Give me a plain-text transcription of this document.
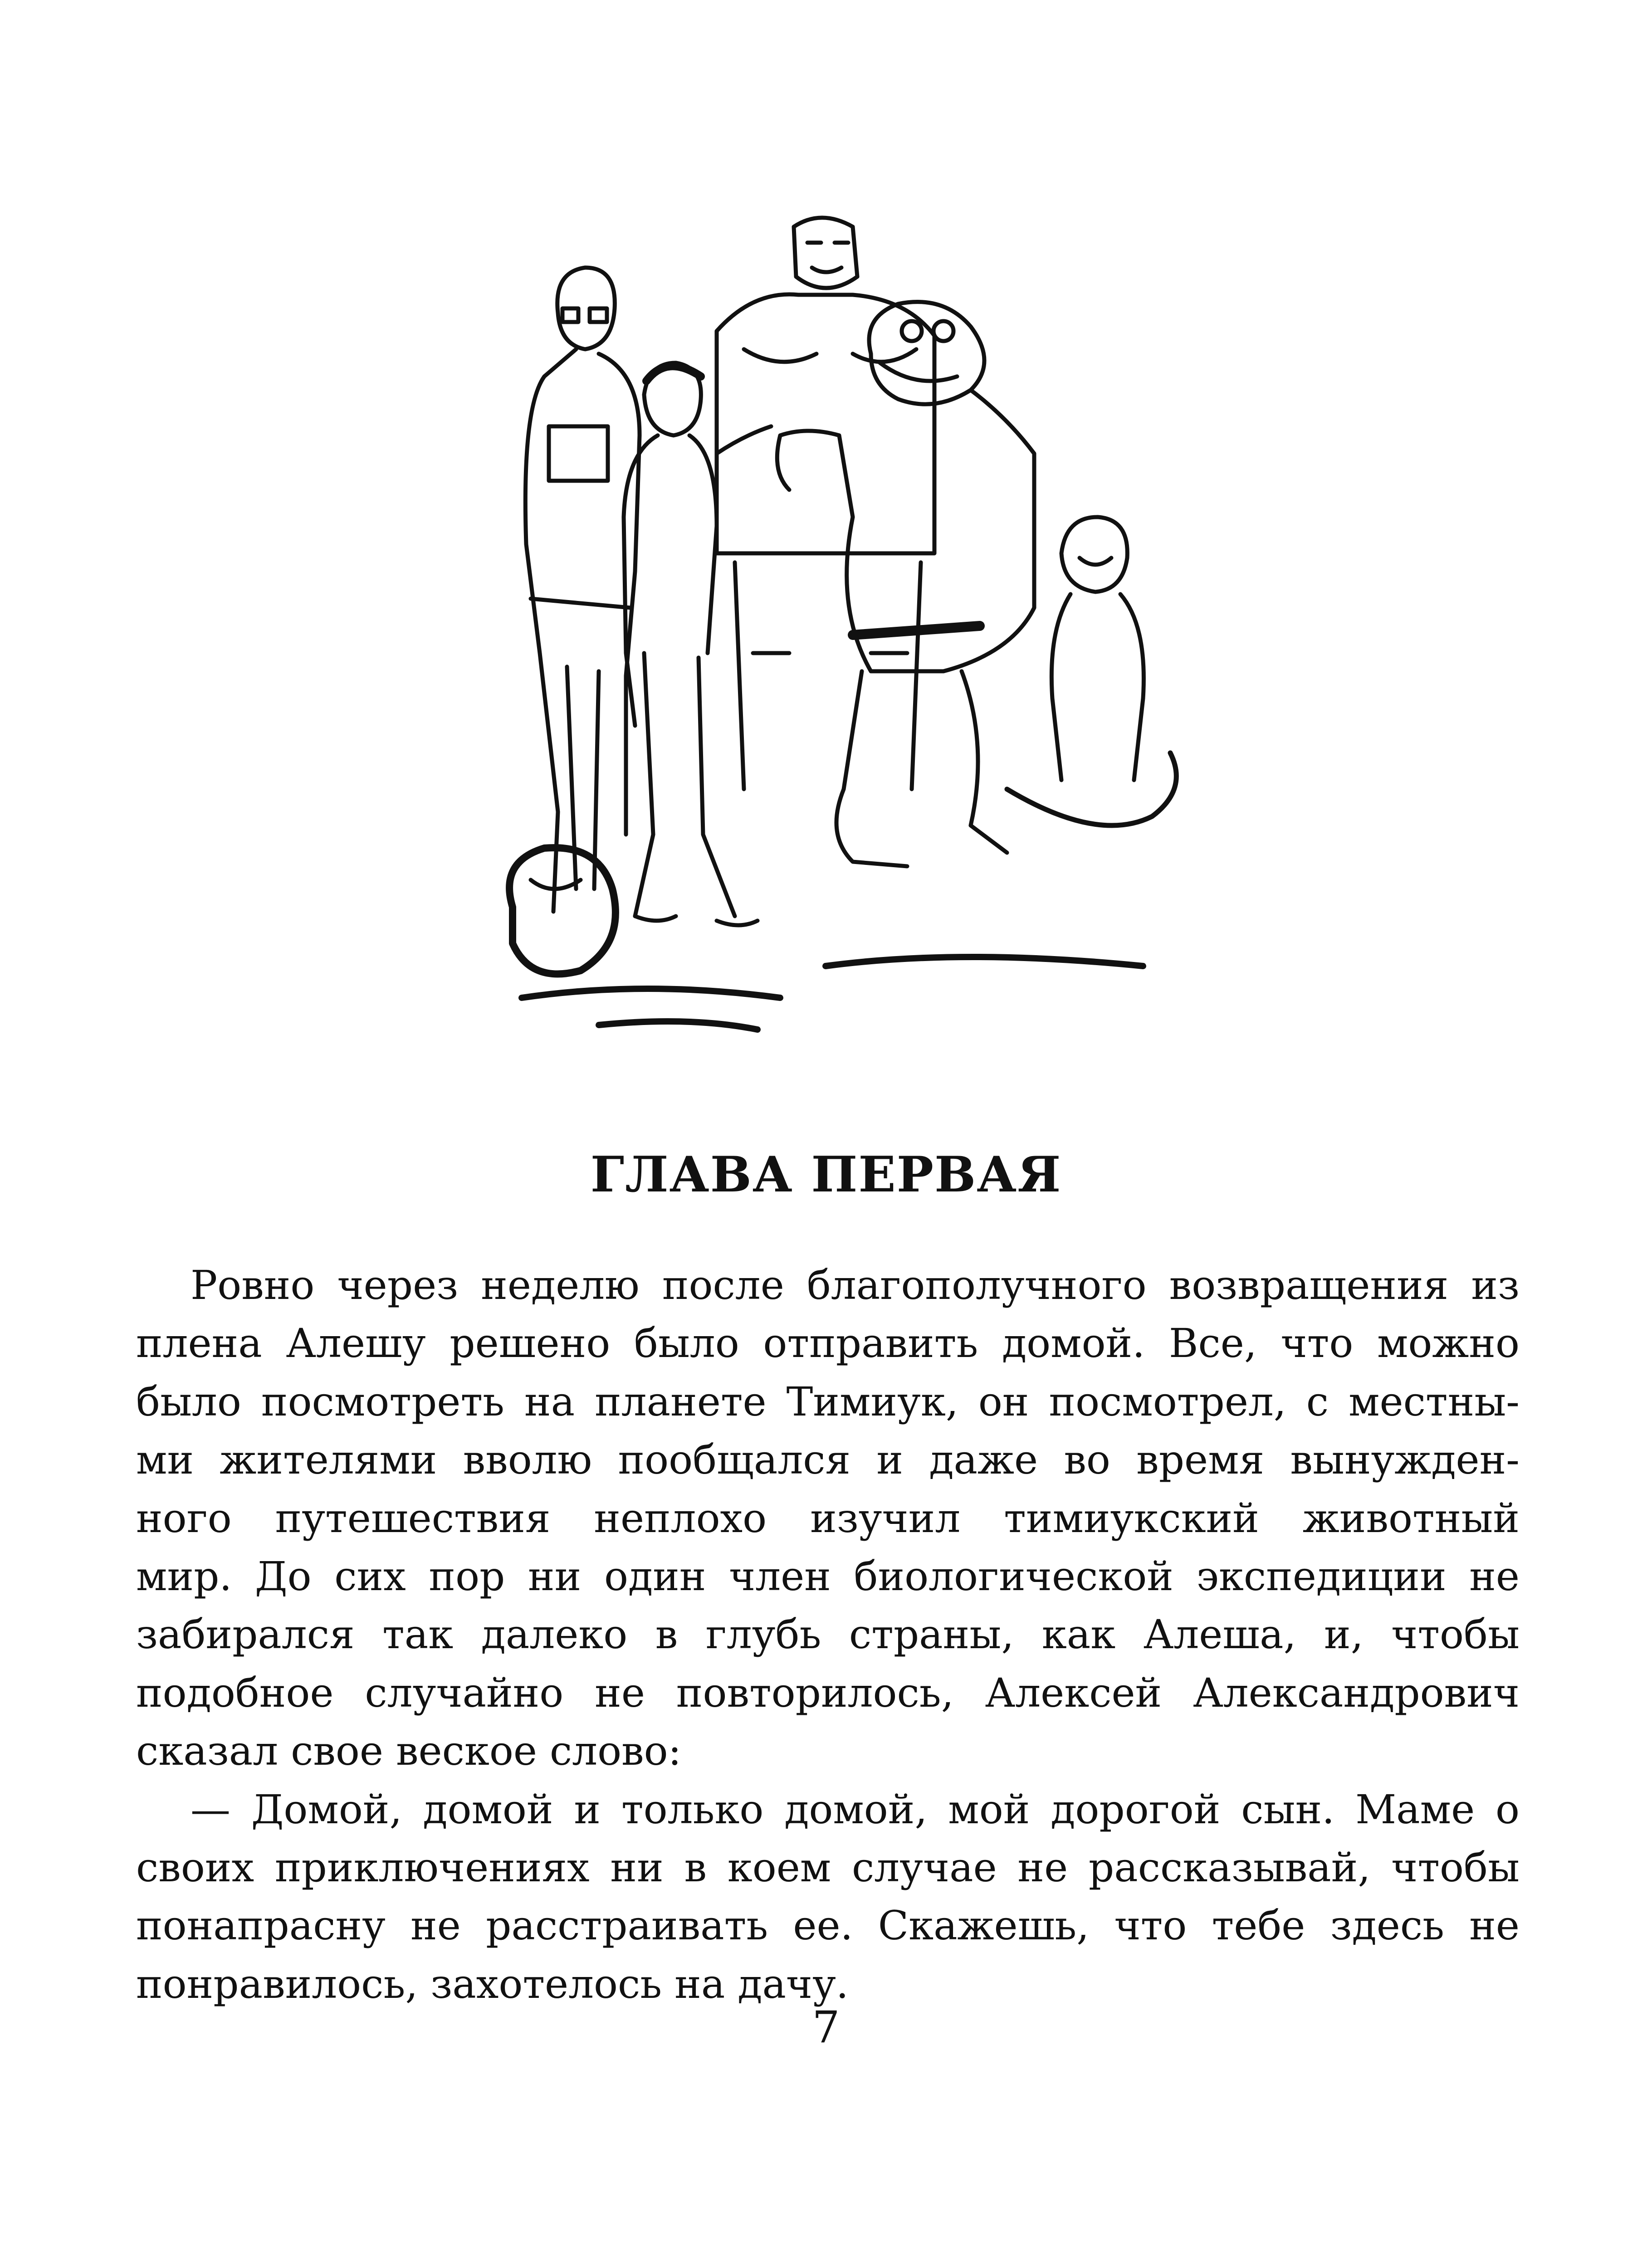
ГЛАВА ПЕРВАЯ
Ровно через неделю после благополучного возвращения из
плена Алешу решено было отправить домой. Все, что можно
было посмотреть на планете Тимиук, он посмотрел, с местны-
ми жителями вволю пообщался и даже во время вынужден-
ного путешествия неплохо изучил тимиукский животный
мир. До сих пор ни один член биологической экспедиции не
забирался так далеко в глубь страны, как Алеша, и, чтобы
подобное случайно не повторилось, Алексей Александрович
сказал свое веское слово:
— Домой, домой и только домой, мой дорогой сын. Маме о
своих приключениях ни в коем случае не рассказывай, чтобы
понапрасну не расстраивать ее. Скажешь, что тебе здесь не
понравилось, захотелось на дачу.
7
